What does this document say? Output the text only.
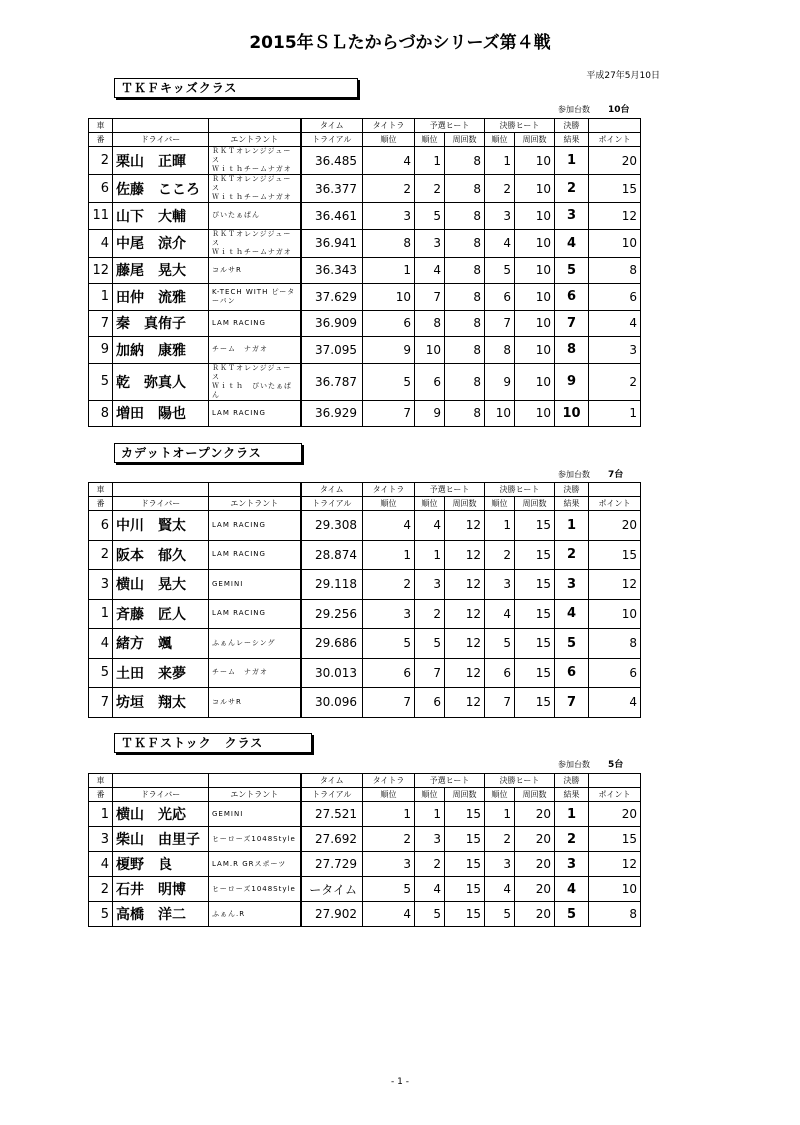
2015年ＳＬたからづかシリーズ第４戦
平成27年5月10日
ＴＫＦキッズクラス
参加台数 10台
車			タイム	タイトラ	予選ヒート		決勝ヒート		決勝	
番	ドライバー	エントラント	トライアル	順位	順位	周回数	順位	周回数	結果	ポイント
2	栗山　正暉	ＲＫＴオレンジジュース
Ｗｉｔｈチームナガオ	36.485	4	1	8	1	10	1	20
6	佐藤　こころ	ＲＫＴオレンジジュース
Ｗｉｔｈチームナガオ	36.377	2	2	8	2	10	2	15
11	山下　大輔	ぴいたぁぱん	36.461	3	5	8	3	10	3	12
4	中尾　涼介	ＲＫＴオレンジジュース
Ｗｉｔｈチームナガオ	36.941	8	3	8	4	10	4	10
12	藤尾　晃大	コルサR	36.343	1	4	8	5	10	5	8
1	田仲　流雅	K-TECH WITH ピーターパン	37.629	10	7	8	6	10	6	6
7	秦　真侑子	LAM RACING	36.909	6	8	8	7	10	7	4
9	加納　康雅	チーム　ナガオ	37.095	9	10	8	8	10	8	3
5	乾　弥真人	ＲＫＴオレンジジュース
Ｗｉｔｈ　ぴいたぁぱん	36.787	5	6	8	9	10	9	2
8	増田　陽也	LAM RACING	36.929	7	9	8	10	10	10	1
カデットオープンクラス
参加台数 7台
車			タイム	タイトラ	予選ヒート		決勝ヒート		決勝	
番	ドライバー	エントラント	トライアル	順位	順位	周回数	順位	周回数	結果	ポイント
6	中川　賢太	LAM RACING	29.308	4	4	12	1	15	1	20
2	阪本　郁久	LAM RACING	28.874	1	1	12	2	15	2	15
3	横山　晃大	GEMINI	29.118	2	3	12	3	15	3	12
1	斉藤　匠人	LAM RACING	29.256	3	2	12	4	15	4	10
4	緒方　颯	ふぁんレーシング	29.686	5	5	12	5	15	5	8
5	土田　来夢	チーム　ナガオ	30.013	6	7	12	6	15	6	6
7	坊垣　翔太	コルサR	30.096	7	6	12	7	15	7	4
ＴＫＦストック　クラス
参加台数 5台
車			タイム	タイトラ	予選ヒート		決勝ヒート		決勝	
番	ドライバー	エントラント	トライアル	順位	順位	周回数	順位	周回数	結果	ポイント
1	横山　光応	GEMINI	27.521	1	1	15	1	20	1	20
3	柴山　由里子	ヒーローズ1048Style	27.692	2	3	15	2	20	2	15
4	榎野　良	LAM.R GRスポーツ	27.729	3	2	15	3	20	3	12
2	石井　明博	ヒーローズ1048Style	ータイム	5	4	15	4	20	4	10
5	高橋　洋二	ふぁん.R	27.902	4	5	15	5	20	5	8
- 1 -
